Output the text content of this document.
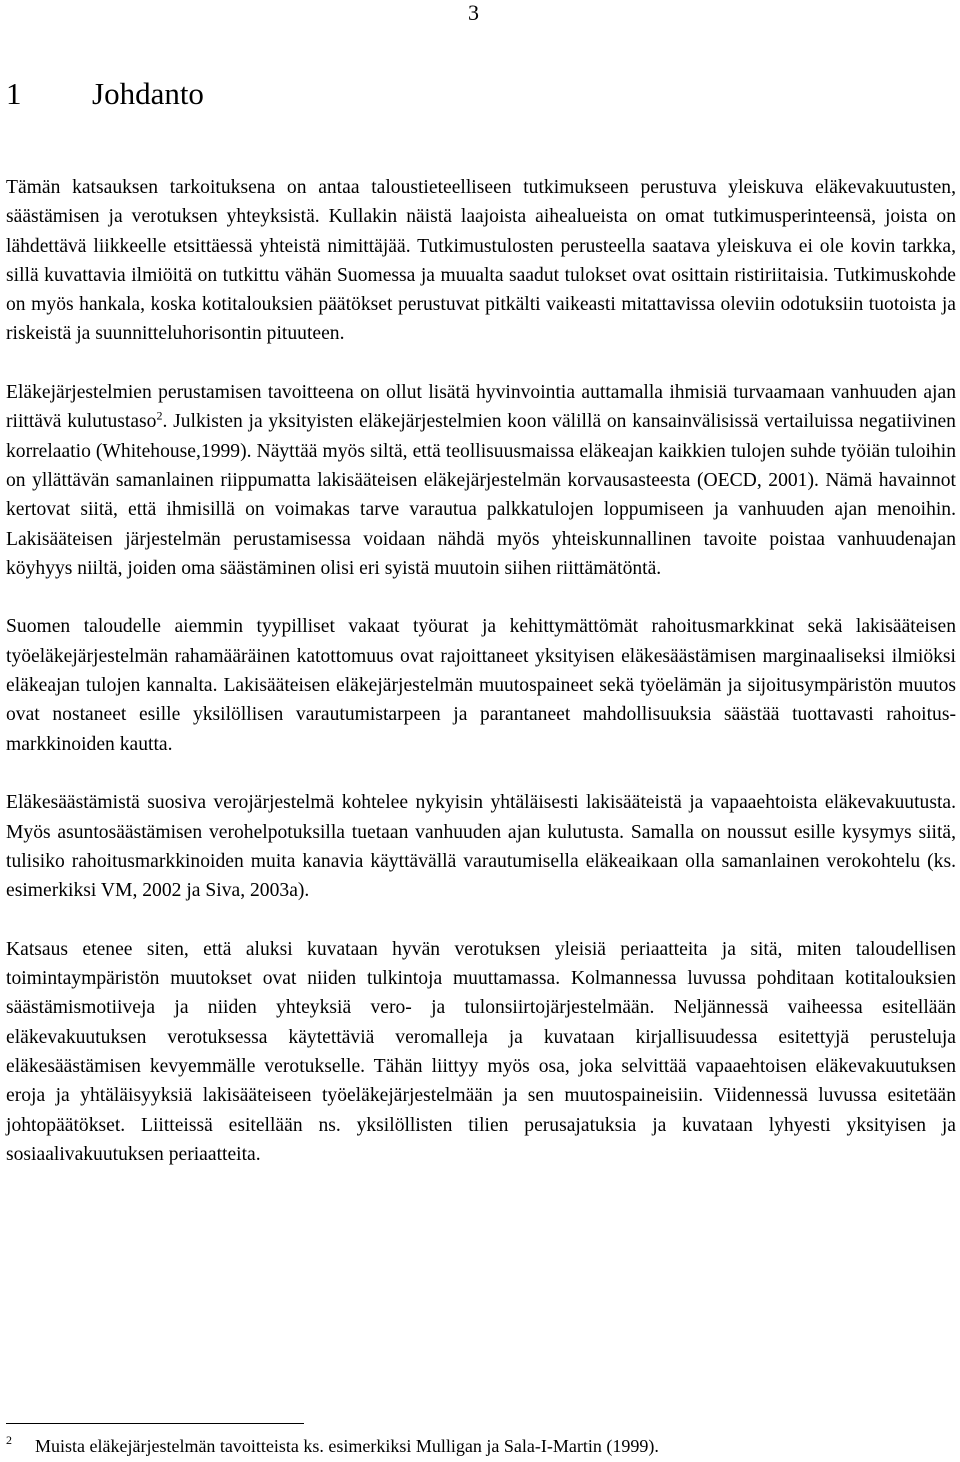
3
1 Johdanto

Tämän katsauksen tarkoituksena on antaa taloustieteelliseen tutkimukseen perustuva yleiskuva eläkevakuutusten, säästämisen ja verotuksen yhteyksistä. Kullakin näistä laajoista aihealueista on omat tutkimusperinteensä, joista on lähdettävä liikkeelle etsittäessä yhteistä nimittäjää. Tutkimustulosten perusteella saatava yleiskuva ei ole kovin tarkka, sillä kuvattavia ilmiöitä on tutkittu vähän Suomessa ja muualta saadut tulokset ovat osittain ristiriitaisia. Tutkimuskohde on myös hankala, koska kotitalouksien päätökset perustuvat pitkälti vaikeasti mitattavissa oleviin odotuksiin tuotoista ja riskeistä ja suunnitteluhorisontin pituuteen.

Eläkejärjestelmien perustamisen tavoitteena on ollut lisätä hyvinvointia auttamalla ihmisiä turvaamaan vanhuuden ajan riittävä kulutustaso$^2$. Julkisten ja yksityisten eläkejärjestelmien koon välillä on kansainvälisissä vertailuissa negatiivinen korrelaatio (Whitehouse,1999). Näyttää myös siltä, että teollisuusmaissa eläkeajan kaikkien tulojen suhde työiän tuloihin on yllättävän samanlainen riippumatta lakisääteisen eläkejärjestelmän korvausasteesta (OECD, 2001). Nämä havainnot kertovat siitä, että ihmisillä on voimakas tarve varautua palkkatulojen loppumiseen ja vanhuuden ajan menoihin. Lakisääteisen järjestelmän perustamisessa voidaan nähdä myös yhteiskunnallinen tavoite poistaa vanhuudenajan köyhyys niiltä, joiden oma säästäminen olisi eri syistä muutoin siihen riittämätöntä.

Suomen taloudelle aiemmin tyypilliset vakaat työurat ja kehittymättömät rahoitusmarkkinat sekä lakisääteisen työeläkejärjestelmän rahamääräinen katottomuus ovat rajoittaneet yksityisen eläkesäästämisen marginaaliseksi ilmiöksi eläkeajan tulojen kannalta. Lakisääteisen eläkejärjestelmän muutospaineet sekä työelämän ja sijoitusympäristön muutos ovat nostaneet esille yksilöllisen varautumistarpeen ja parantaneet mahdollisuuksia säästää tuottavasti rahoitusmarkkinoiden kautta.

Eläkesäästämistä suosiva verojärjestelmä kohtelee nykyisin yhtäläisesti lakisääteistä ja vapaaehtoista eläkevakuutusta. Myös asuntosäästämisen verohelpotuksilla tuetaan vanhuuden ajan kulutusta. Samalla on noussut esille kysymys siitä, tulisiko rahoitusmarkkinoiden muita kanavia käyttävällä varautumisella eläkeaikaan olla samanlainen verokohtelu (ks. esimerkiksi VM, 2002 ja Siva, 2003a).

Katsaus etenee siten, että aluksi kuvataan hyvän verotuksen yleisiä periaatteita ja sitä, miten taloudellisen toimintaympäristön muutokset ovat niiden tulkintoja muuttamassa. Kolmannessa luvussa pohditaan kotitalouksien säästämismotiiveja ja niiden yhteyksiä vero- ja tulonsiirtojärjestelmään. Neljännessä vaiheessa esitellään eläkevakuutuksen verotuksessa käytettäviä veromalleja ja kuvataan kirjallisuudessa esitettyjä perusteluja eläkesäästämisen kevyemmälle verotukselle. Tähän liittyy myös osa, joka selvittää vapaaehtoisen eläkevakuutuksen eroja ja yhtäläisyyksiä lakisääteiseen työeläkejärjestelmään ja sen muutospaineisiin. Viidennessä luvussa esitetään johtopäätökset. Liitteissä esitellään ns. yksilöllisten tilien perusajatuksia ja kuvataan lyhyesti yksityisen ja sosiaalivakuutuksen periaatteita.

2 Muista eläkejärjestelmän tavoitteista ks. esimerkiksi Mulligan ja Sala-I-Martin (1999).
